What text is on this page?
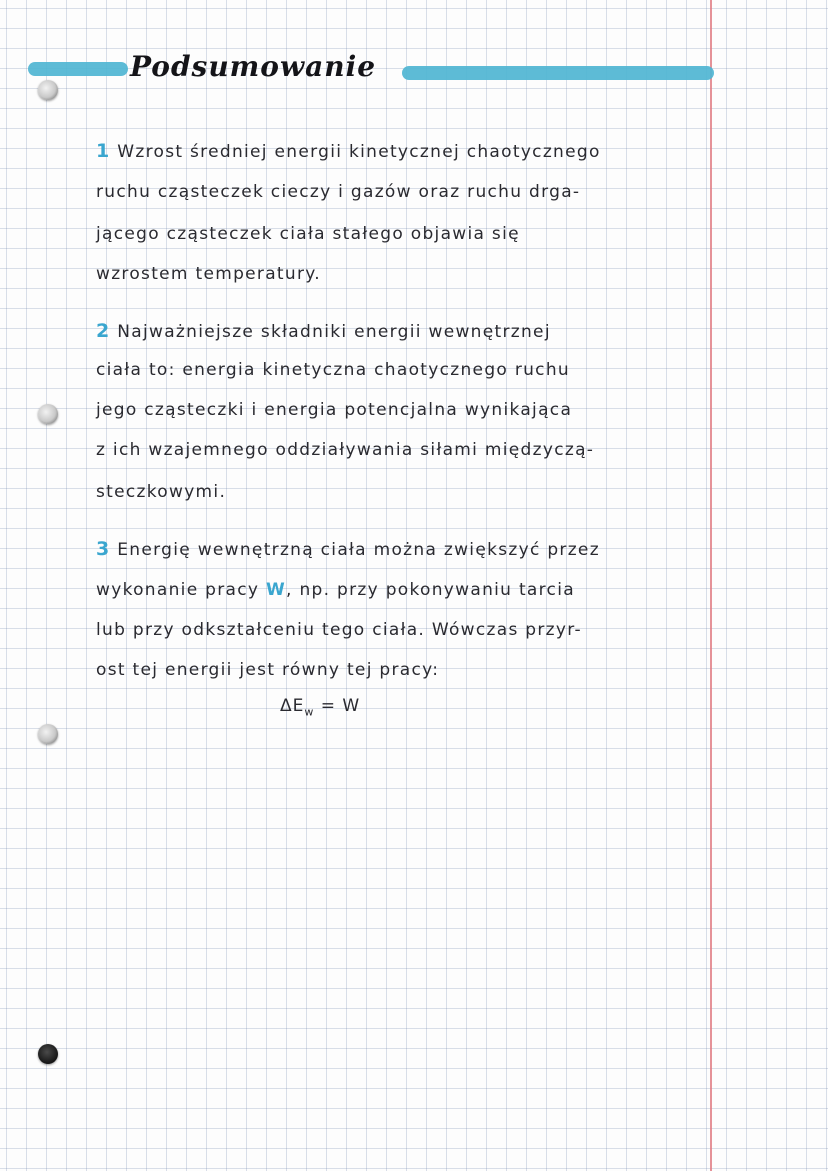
Podsumowanie
1 Wzrost średniej energii kinetycznej chaotycznego
ruchu cząsteczek cieczy i gazów oraz ruchu drga-
jącego cząsteczek ciała stałego objawia się
wzrostem temperatury.
2 Najważniejsze składniki energii wewnętrznej
ciała to: energia kinetyczna chaotycznego ruchu
jego cząsteczki i energia potencjalna wynikająca
z ich wzajemnego oddziaływania siłami międzyczą-
steczkowymi.
3 Energię wewnętrzną ciała można zwiększyć przez
wykonanie pracy W, np. przy pokonywaniu tarcia
lub przy odkształceniu tego ciała. Wówczas przyr-
ost tej energii jest równy tej pracy:
$\Delta E_w = W$
